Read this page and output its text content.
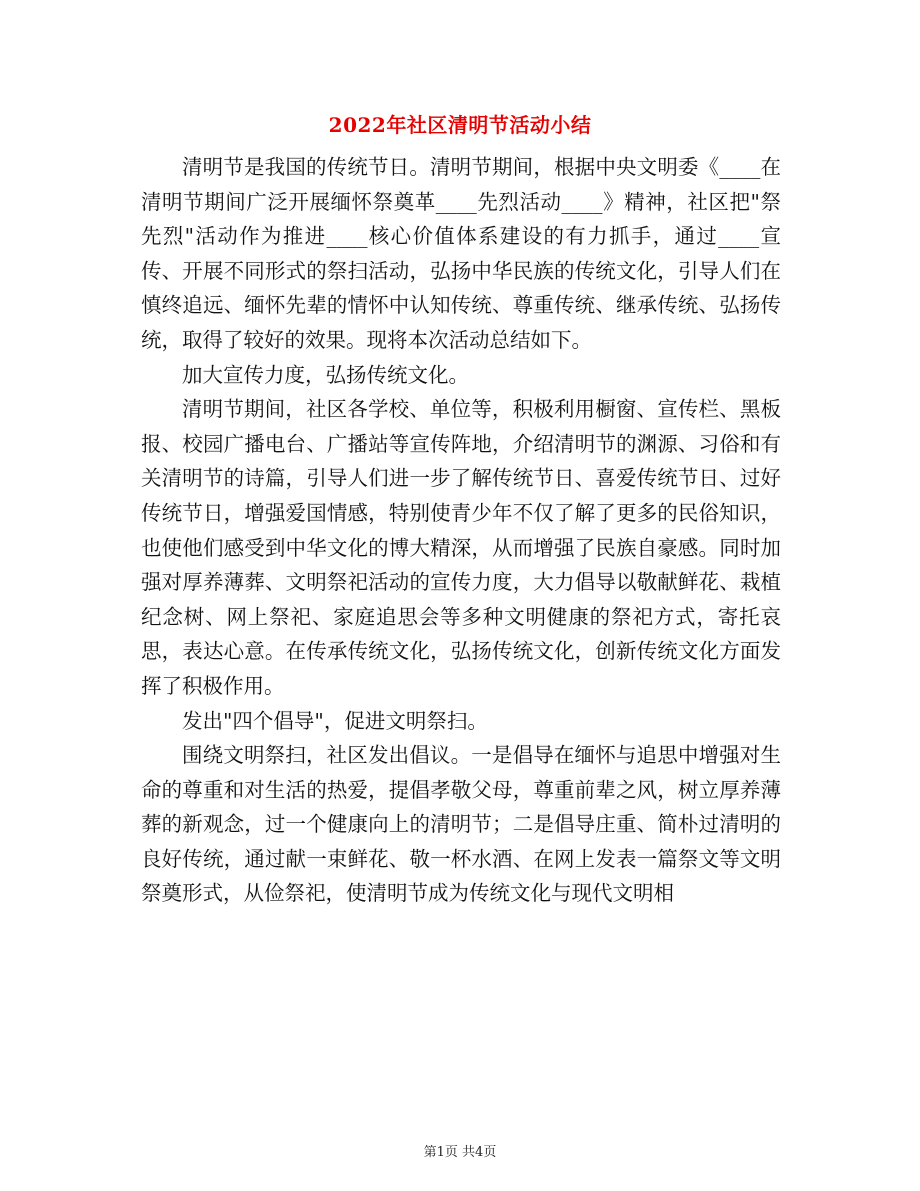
2022年社区清明节活动小结

清明节是我国的传统节日。清明节期间，根据中央文明委《____在清明节期间广泛开展缅怀祭奠革____先烈活动____》精神，社区把"祭先烈"活动作为推进____核心价值体系建设的有力抓手，通过____宣传、开展不同形式的祭扫活动，弘扬中华民族的传统文化，引导人们在慎终追远、缅怀先辈的情怀中认知传统、尊重传统、继承传统、弘扬传统，取得了较好的效果。现将本次活动总结如下。

加大宣传力度，弘扬传统文化。

清明节期间，社区各学校、单位等，积极利用橱窗、宣传栏、黑板报、校园广播电台、广播站等宣传阵地，介绍清明节的渊源、习俗和有关清明节的诗篇，引导人们进一步了解传统节日、喜爱传统节日、过好传统节日，增强爱国情感，特别使青少年不仅了解了更多的民俗知识，也使他们感受到中华文化的博大精深，从而增强了民族自豪感。同时加强对厚养薄葬、文明祭祀活动的宣传力度，大力倡导以敬献鲜花、栽植纪念树、网上祭祀、家庭追思会等多种文明健康的祭祀方式，寄托哀思，表达心意。在传承传统文化，弘扬传统文化，创新传统文化方面发挥了积极作用。

发出"四个倡导"，促进文明祭扫。

围绕文明祭扫，社区发出倡议。一是倡导在缅怀与追思中增强对生命的尊重和对生活的热爱，提倡孝敬父母，尊重前辈之风，树立厚养薄葬的新观念，过一个健康向上的清明节；二是倡导庄重、简朴过清明的良好传统，通过献一束鲜花、敬一杯水酒、在网上发表一篇祭文等文明祭奠形式，从俭祭祀，使清明节成为传统文化与现代文明相

第1页 共4页
